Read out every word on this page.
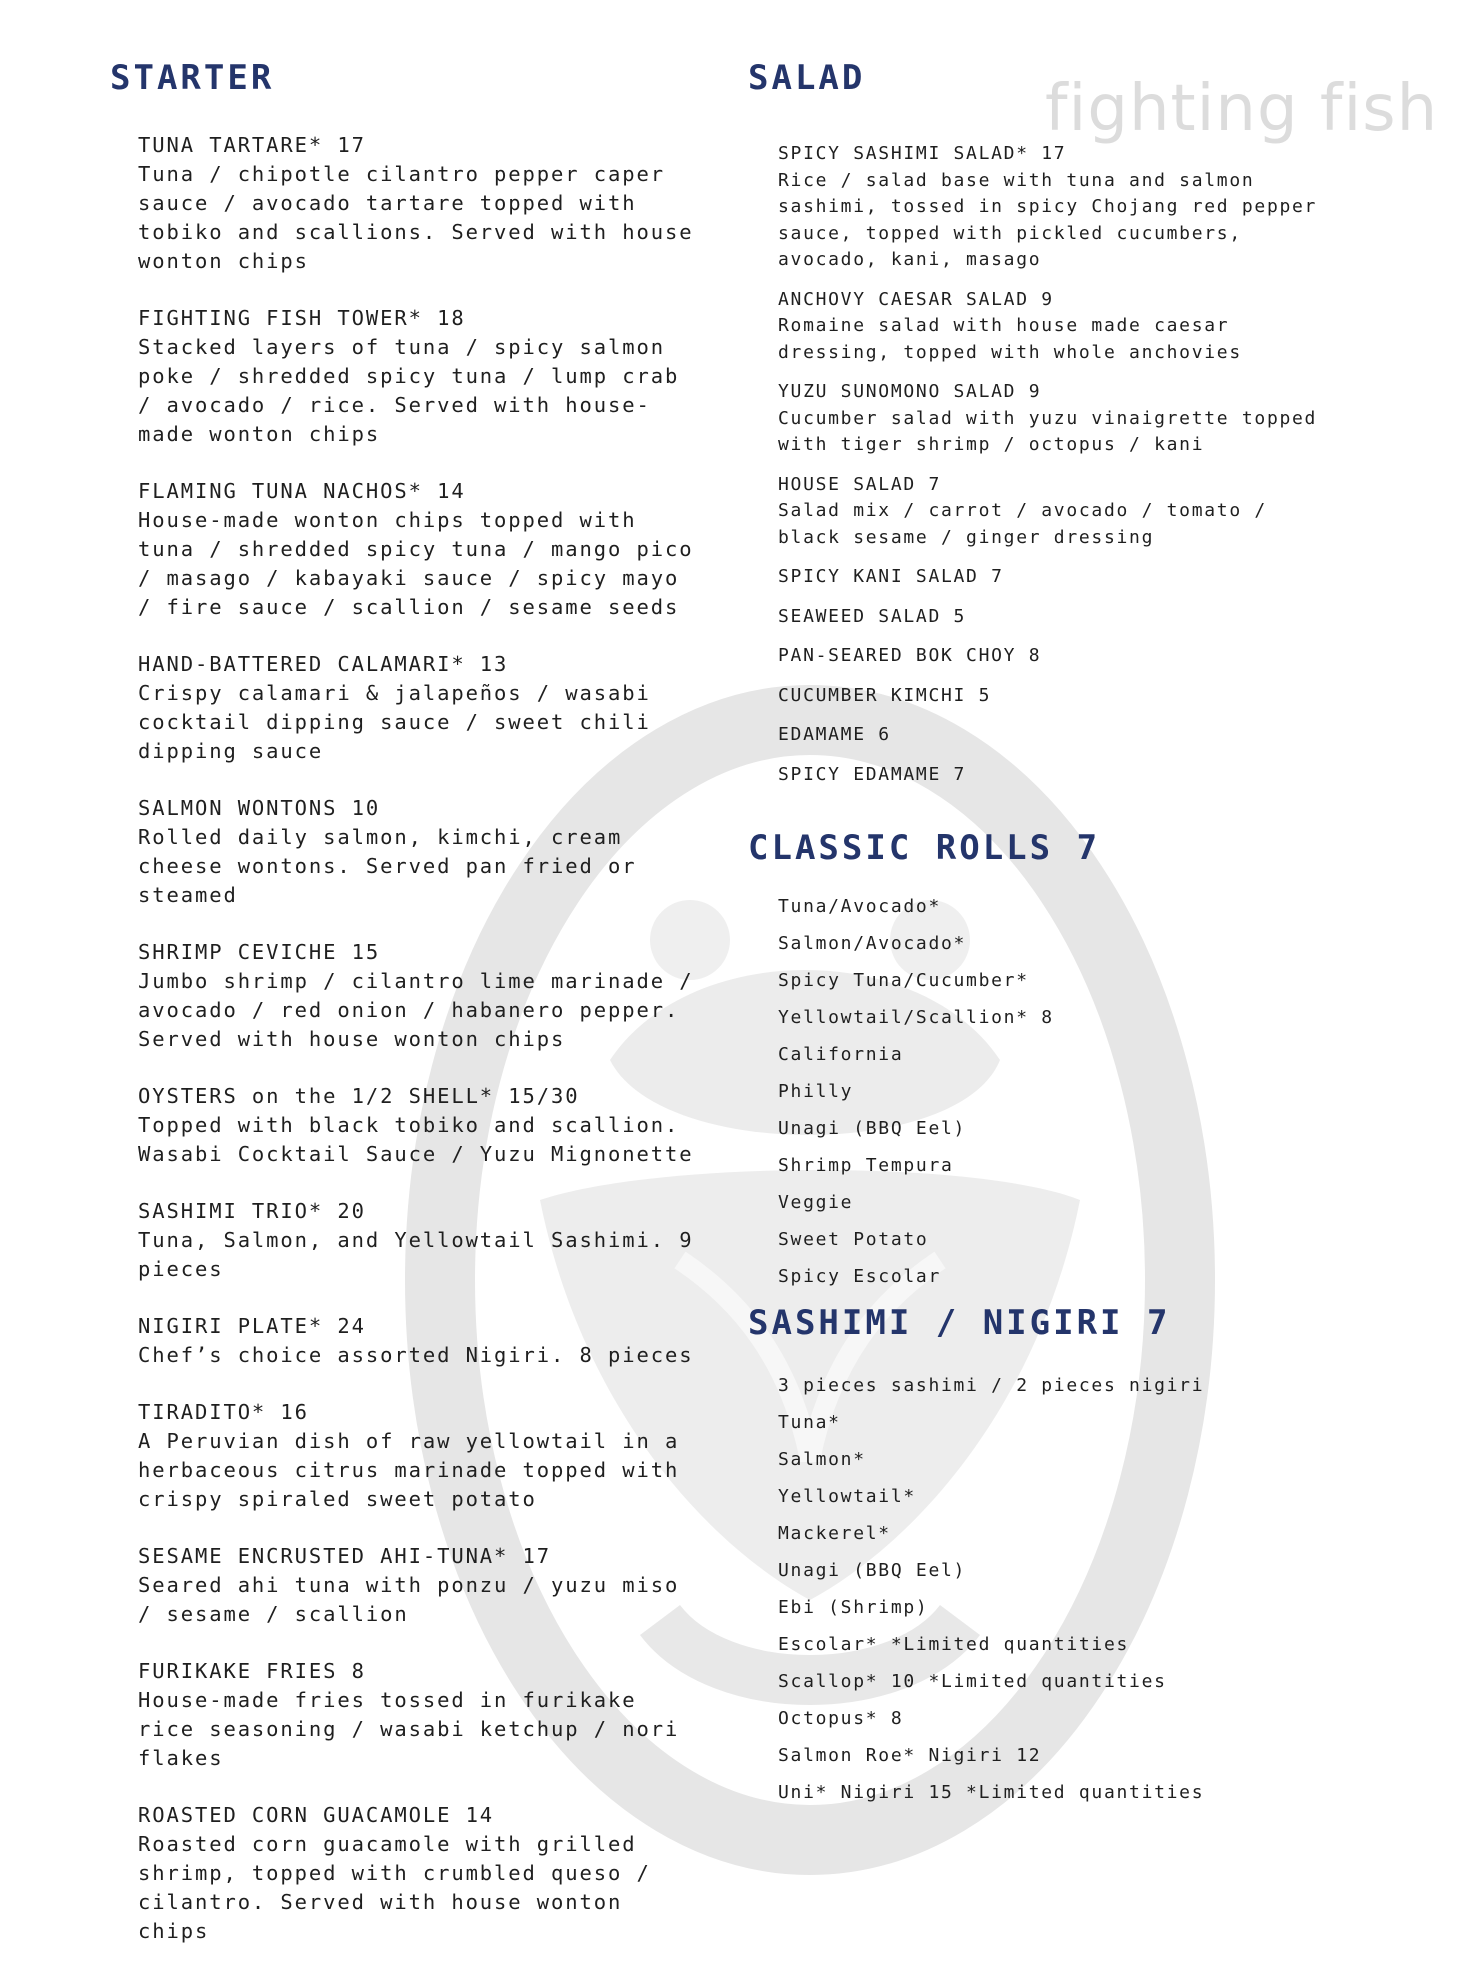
fighting fish
STARTER
TUNA TARTARE* 17
Tuna / chipotle cilantro pepper caper sauce / avocado tartare topped with tobiko and scallions. Served with house wonton chips
FIGHTING FISH TOWER* 18
Stacked layers of tuna / spicy salmon poke / shredded spicy tuna / lump crab / avocado / rice. Served with house-made wonton chips
FLAMING TUNA NACHOS* 14
House-made wonton chips topped with tuna / shredded spicy tuna / mango pico / masago / kabayaki sauce / spicy mayo / fire sauce / scallion / sesame seeds
HAND-BATTERED CALAMARI* 13
Crispy calamari & jalapeños / wasabi cocktail dipping sauce / sweet chili dipping sauce
SALMON WONTONS 10
Rolled daily salmon, kimchi, cream cheese wontons. Served pan fried or steamed
SHRIMP CEVICHE 15
Jumbo shrimp / cilantro lime marinade / avocado / red onion / habanero pepper. Served with house wonton chips
OYSTERS on the 1/2 SHELL* 15/30
Topped with black tobiko and scallion. Wasabi Cocktail Sauce / Yuzu Mignonette
SASHIMI TRIO* 20
Tuna, Salmon, and Yellowtail Sashimi. 9 pieces
NIGIRI PLATE* 24
Chef’s choice assorted Nigiri. 8 pieces
TIRADITO* 16
A Peruvian dish of raw yellowtail in a herbaceous citrus marinade topped with crispy spiraled sweet potato
SESAME ENCRUSTED AHI-TUNA* 17
Seared ahi tuna with ponzu / yuzu miso / sesame / scallion
FURIKAKE FRIES 8
House-made fries tossed in furikake rice seasoning / wasabi ketchup / nori flakes
ROASTED CORN GUACAMOLE 14
Roasted corn guacamole with grilled shrimp, topped with crumbled queso / cilantro. Served with house wonton chips
SALAD
SPICY SASHIMI SALAD* 17
Rice / salad base with tuna and salmon sashimi, tossed in spicy Chojang red pepper sauce, topped with pickled cucumbers, avocado, kani, masago
ANCHOVY CAESAR SALAD 9
Romaine salad with house made caesar dressing, topped with whole anchovies
YUZU SUNOMONO SALAD 9
Cucumber salad with yuzu vinaigrette topped with tiger shrimp / octopus / kani
HOUSE SALAD 7
Salad mix / carrot / avocado / tomato / black sesame / ginger dressing
SPICY KANI SALAD 7
SEAWEED SALAD 5
PAN-SEARED BOK CHOY 8
CUCUMBER KIMCHI 5
EDAMAME 6
SPICY EDAMAME 7
CLASSIC ROLLS 7
Tuna/Avocado*
Salmon/Avocado*
Spicy Tuna/Cucumber*
Yellowtail/Scallion* 8
California
Philly
Unagi (BBQ Eel)
Shrimp Tempura
Veggie
Sweet Potato
Spicy Escolar
SASHIMI / NIGIRI 7
3 pieces sashimi / 2 pieces nigiri
Tuna*
Salmon*
Yellowtail*
Mackerel*
Unagi (BBQ Eel)
Ebi (Shrimp)
Escolar* *Limited quantities
Scallop* 10 *Limited quantities
Octopus* 8
Salmon Roe* Nigiri 12
Uni* Nigiri 15 *Limited quantities
